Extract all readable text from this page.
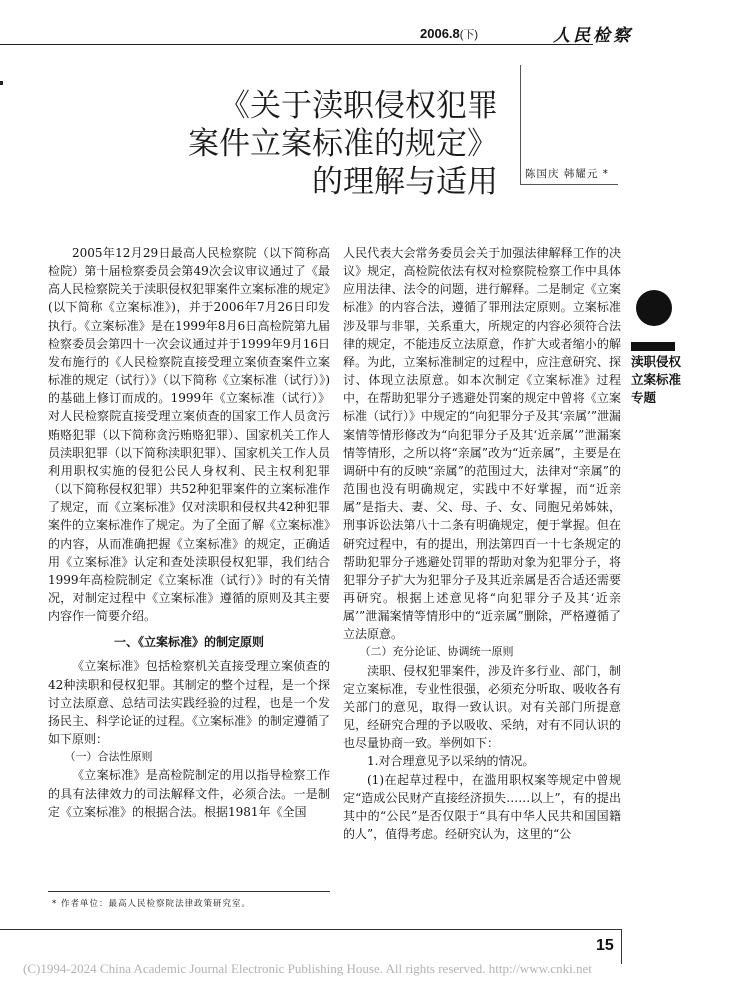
2006.8(下)	人民检察
《关于渎职侵权犯罪
案件立案标准的规定》
的理解与适用	陈国庆 韩耀元 *

2005年12月29日最高人民检察院（以下简称高检院）第十届检察委员会第49次会议审议通过了《最高人民检察院关于渎职侵权犯罪案件立案标准的规定》(以下简称《立案标准》)，并于2006年7月26日印发执行。《立案标准》是在1999年8月6日高检院第九届检察委员会第四十一次会议通过并于1999年9月16日发布施行的《人民检察院直接受理立案侦查案件立案标准的规定（试行）》（以下简称《立案标准（试行）》)的基础上修订而成的。1999年《立案标准（试行）》对人民检察院直接受理立案侦查的国家工作人员贪污贿赂犯罪（以下简称贪污贿赂犯罪）、国家机关工作人员渎职犯罪（以下简称渎职犯罪）、国家机关工作人员利用职权实施的侵犯公民人身权利、民主权利犯罪（以下简称侵权犯罪）共52种犯罪案件的立案标准作了规定，而《立案标准》仅对渎职和侵权共42种犯罪案件的立案标准作了规定。为了全面了解《立案标准》的内容，从而准确把握《立案标准》的规定，正确适用《立案标准》认定和查处渎职侵权犯罪，我们结合1999年高检院制定《立案标准（试行）》时的有关情况，对制定过程中《立案标准》遵循的原则及其主要内容作一简要介绍。

一、《立案标准》的制定原则

《立案标准》包括检察机关直接受理立案侦查的42种渎职和侵权犯罪。其制定的整个过程，是一个探讨立法原意、总结司法实践经验的过程，也是一个发扬民主、科学论证的过程。《立案标准》的制定遵循了如下原则：

（一）合法性原则

《立案标准》是高检院制定的用以指导检察工作的具有法律效力的司法解释文件，必须合法。一是制定《立案标准》的根据合法。根据1981年《全国

人民代表大会常务委员会关于加强法律解释工作的决议》规定，高检院依法有权对检察院检察工作中具体应用法律、法令的问题，进行解释。二是制定《立案标准》的内容合法，遵循了罪刑法定原则。立案标准涉及罪与非罪，关系重大，所规定的内容必须符合法律的规定，不能违反立法原意，作扩大或者缩小的解释。为此，立案标准制定的过程中，应注意研究、探讨、体现立法原意。如本次制定《立案标准》过程中，在帮助犯罪分子逃避处罚案的规定中曾将《立案标准（试行）》中规定的“向犯罪分子及其‘亲属’”泄漏案情等情形修改为“向犯罪分子及其‘近亲属’”泄漏案情等情形，之所以将“亲属”改为“近亲属”，主要是在调研中有的反映“亲属”的范围过大，法律对“亲属”的范围也没有明确规定，实践中不好掌握，而“近亲属”是指夫、妻、父、母、子、女、同胞兄弟姊妹，刑事诉讼法第八十二条有明确规定，便于掌握。但在研究过程中，有的提出，刑法第四百一十七条规定的帮助犯罪分子逃避处罚罪的帮助对象为犯罪分子，将犯罪分子扩大为犯罪分子及其近亲属是否合适还需要再研究。根据上述意见将“向犯罪分子及其‘近亲属’”泄漏案情等情形中的“近亲属”删除，严格遵循了立法原意。

（二）充分论证、协调统一原则

渎职、侵权犯罪案件，涉及许多行业、部门，制定立案标准，专业性很强，必须充分听取、吸收各有关部门的意见，取得一致认识。对有关部门所提意见，经研究合理的予以吸收、采纳，对有不同认识的也尽量协商一致。举例如下：

1.对合理意见予以采纳的情况。

(1)在起草过程中，在滥用职权案等规定中曾规定“造成公民财产直接经济损失……以上”，有的提出其中的“公民”是否仅限于“具有中华人民共和国国籍的人”，值得考虑。经研究认为，这里的“公

渎职侵权
立案标准
专题
* 作者单位：最高人民检察院法律政策研究室。
15
(C)1994-2024 China Academic Journal Electronic Publishing House. All rights reserved. http://www.cnki.net
